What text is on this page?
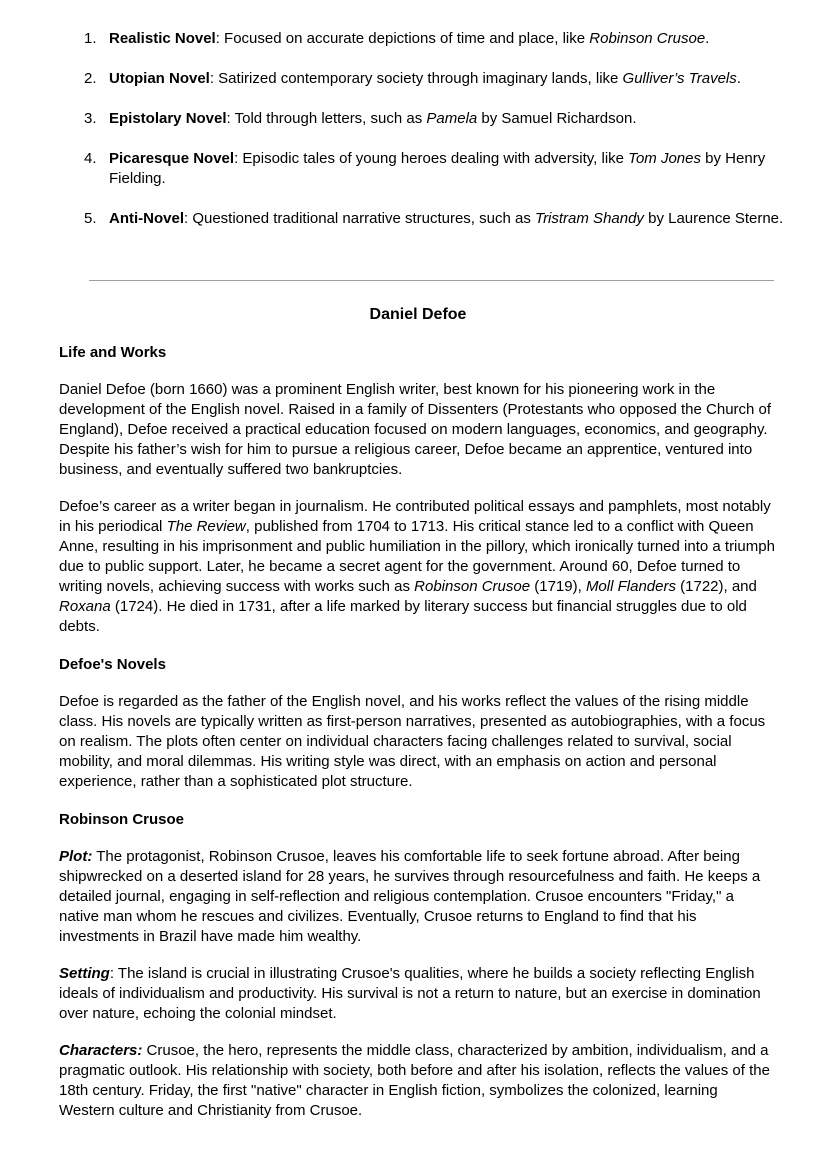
1. Realistic Novel: Focused on accurate depictions of time and place, like Robinson Crusoe.
2. Utopian Novel: Satirized contemporary society through imaginary lands, like Gulliver’s Travels.
3. Epistolary Novel: Told through letters, such as Pamela by Samuel Richardson.
4. Picaresque Novel: Episodic tales of young heroes dealing with adversity, like Tom Jones by Henry Fielding.
5. Anti-Novel: Questioned traditional narrative structures, such as Tristram Shandy by Laurence Sterne.
Daniel Defoe
Life and Works

Daniel Defoe (born 1660) was a prominent English writer, best known for his pioneering work in the development of the English novel. Raised in a family of Dissenters (Protestants who opposed the Church of England), Defoe received a practical education focused on modern languages, economics, and geography. Despite his father’s wish for him to pursue a religious career, Defoe became an apprentice, ventured into business, and eventually suffered two bankruptcies.

Defoe’s career as a writer began in journalism. He contributed political essays and pamphlets, most notably in his periodical The Review, published from 1704 to 1713. His critical stance led to a conflict with Queen Anne, resulting in his imprisonment and public humiliation in the pillory, which ironically turned into a triumph due to public support. Later, he became a secret agent for the government. Around 60, Defoe turned to writing novels, achieving success with works such as Robinson Crusoe (1719), Moll Flanders (1722), and Roxana (1724). He died in 1731, after a life marked by literary success but financial struggles due to old debts.

Defoe's Novels

Defoe is regarded as the father of the English novel, and his works reflect the values of the rising middle class. His novels are typically written as first-person narratives, presented as autobiographies, with a focus on realism. The plots often center on individual characters facing challenges related to survival, social mobility, and moral dilemmas. His writing style was direct, with an emphasis on action and personal experience, rather than a sophisticated plot structure.

Robinson Crusoe

Plot: The protagonist, Robinson Crusoe, leaves his comfortable life to seek fortune abroad. After being shipwrecked on a deserted island for 28 years, he survives through resourcefulness and faith. He keeps a detailed journal, engaging in self-reflection and religious contemplation. Crusoe encounters "Friday," a native man whom he rescues and civilizes. Eventually, Crusoe returns to England to find that his investments in Brazil have made him wealthy.

Setting: The island is crucial in illustrating Crusoe's qualities, where he builds a society reflecting English ideals of individualism and productivity. His survival is not a return to nature, but an exercise in domination over nature, echoing the colonial mindset.

Characters: Crusoe, the hero, represents the middle class, characterized by ambition, individualism, and a pragmatic outlook. His relationship with society, both before and after his isolation, reflects the values of the 18th century. Friday, the first "native" character in English fiction, symbolizes the colonized, learning Western culture and Christianity from Crusoe.
